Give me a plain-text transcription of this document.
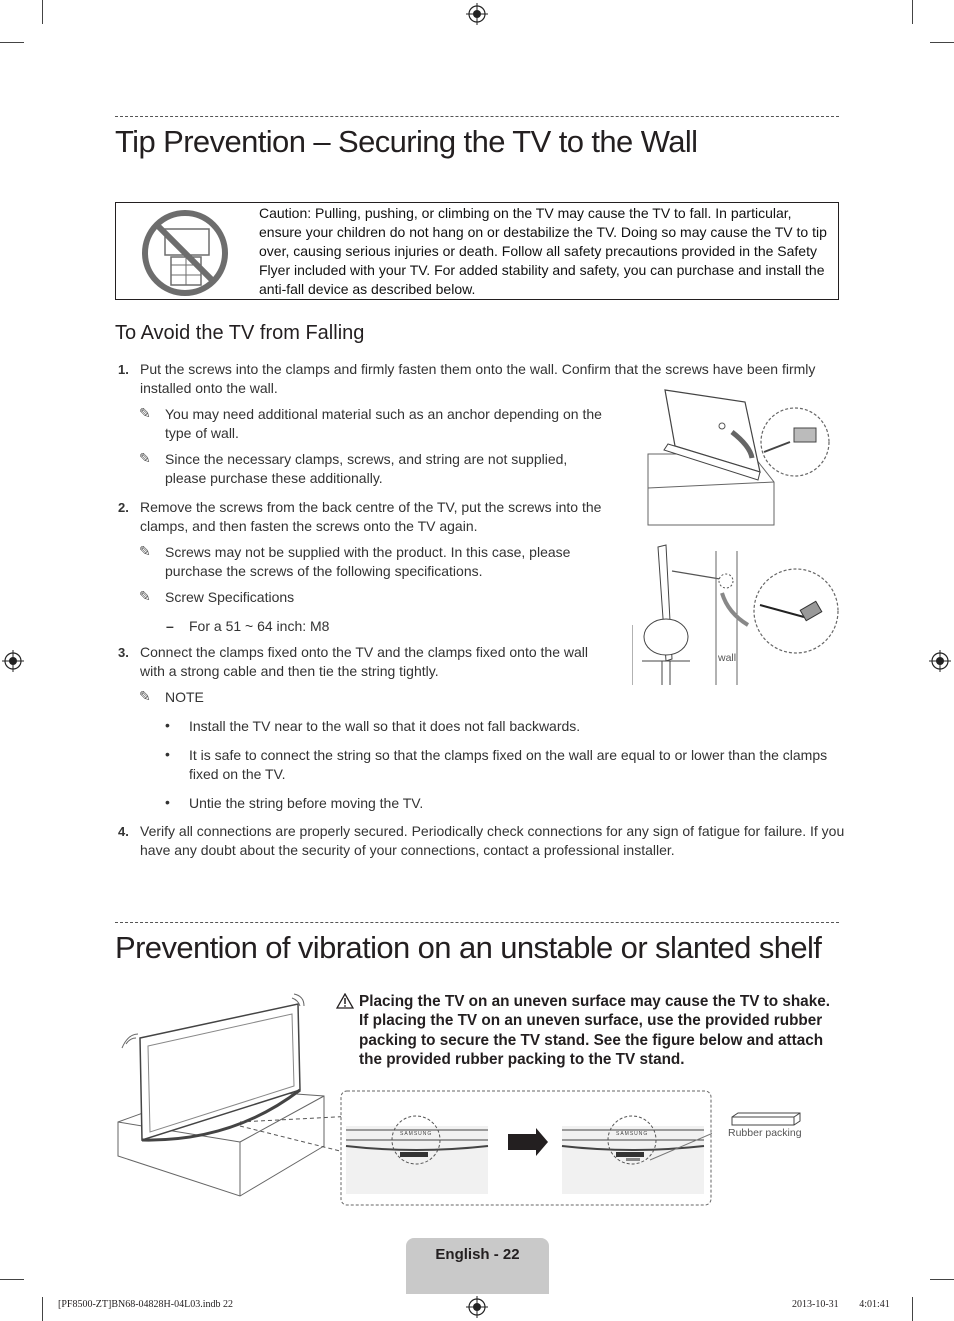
Tip Prevention – Securing the TV to the Wall
Caution: Pulling, pushing, or climbing on the TV may cause the TV to fall. In particular, ensure your children do not hang on or destabilize the TV. Doing so may cause the TV to tip over, causing serious injuries or death. Follow all safety precautions provided in the Safety Flyer included with your TV. For added stability and safety, you can purchase and install the anti-fall device as described below.
To Avoid the TV from Falling
1. Put the screws into the clamps and firmly fasten them onto the wall. Confirm that the screws have been firmly
installed onto the wall.
✎ You may need additional material such as an anchor depending on the
type of wall.
✎ Since the necessary clamps, screws, and string are not supplied,
please purchase these additionally.
2. Remove the screws from the back centre of the TV, put the screws into the
clamps, and then fasten the screws onto the TV again.
✎ Screws may not be supplied with the product. In this case, please
purchase the screws of the following specifications.
✎ Screw Specifications
– For a 51 ~ 64 inch: M8
3. Connect the clamps fixed onto the TV and the clamps fixed onto the wall
with a strong cable and then tie the string tightly.
✎ NOTE
• Install the TV near to the wall so that it does not fall backwards.
• It is safe to connect the string so that the clamps fixed on the wall are equal to or lower than the clamps
fixed on the TV.
• Untie the string before moving the TV.
4. Verify all connections are properly secured. Periodically check connections for any sign of fatigue for failure. If you
have any doubt about the security of your connections, contact a professional installer.
wall
Prevention of vibration on an unstable or slanted shelf
Placing the TV on an uneven surface may cause the TV to shake. If placing the TV on an uneven surface, use the provided rubber packing to secure the TV stand. See the figure below and attach the provided rubber packing to the TV stand.
SAMSUNG	SAMSUNG	Rubber packing
English - 22
[PF8500-ZT]BN68-04828H-04L03.indb 22	2013-10-31 ￿￿ 4:01:41
